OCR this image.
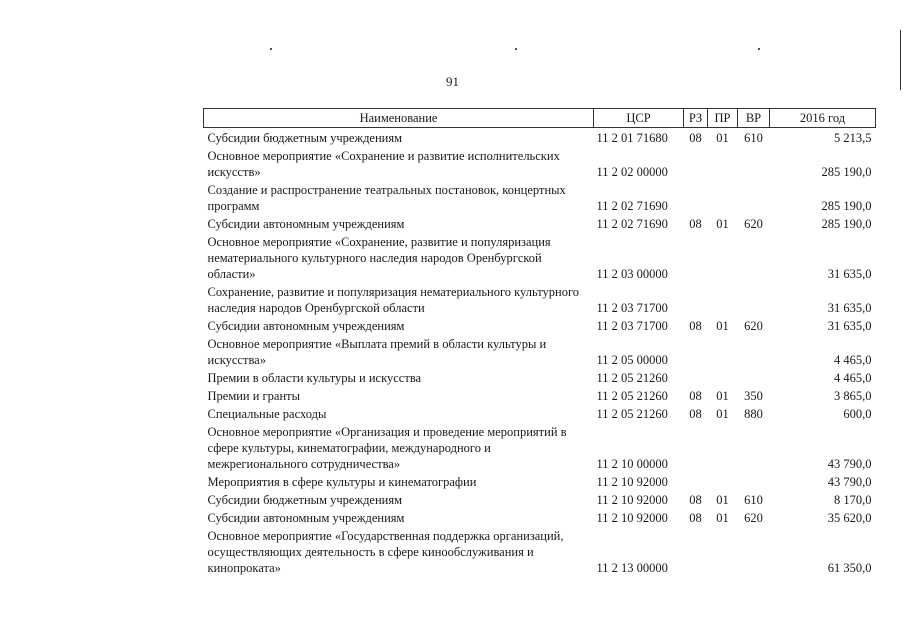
91
Наименование	ЦСР	РЗ	ПР	ВР	2016 год
Субсидии бюджетным учреждениям	11 2 01 71680	08	01	610	5 213,5
Основное мероприятие «Сохранение и развитие исполнительских искусств»	11 2 02 00000				285 190,0
Создание и распространение театральных постановок, концертных программ	11 2 02 71690				285 190,0
Субсидии автономным учреждениям	11 2 02 71690	08	01	620	285 190,0
Основное мероприятие «Сохранение, развитие и популяризация нематериального культурного наследия народов Оренбургской области»	11 2 03 00000				31 635,0
Сохранение, развитие и популяризация нематериального культурного наследия народов Оренбургской области	11 2 03 71700				31 635,0
Субсидии автономным учреждениям	11 2 03 71700	08	01	620	31 635,0
Основное мероприятие «Выплата премий в области культуры и искусства»	11 2 05 00000				4 465,0
Премии в области культуры и искусства	11 2 05 21260				4 465,0
Премии и гранты	11 2 05 21260	08	01	350	3 865,0
Специальные расходы	11 2 05 21260	08	01	880	600,0
Основное мероприятие «Организация и проведение мероприятий в сфере культуры, кинематографии, международного и межрегионального сотрудничества»	11 2 10 00000				43 790,0
Мероприятия в сфере культуры и кинематографии	11 2 10 92000				43 790,0
Субсидии бюджетным учреждениям	11 2 10 92000	08	01	610	8 170,0
Субсидии автономным учреждениям	11 2 10 92000	08	01	620	35 620,0
Основное мероприятие «Государственная поддержка организаций, осуществляющих деятельность в сфере кинообслуживания и кинопроката»	11 2 13 00000				61 350,0
